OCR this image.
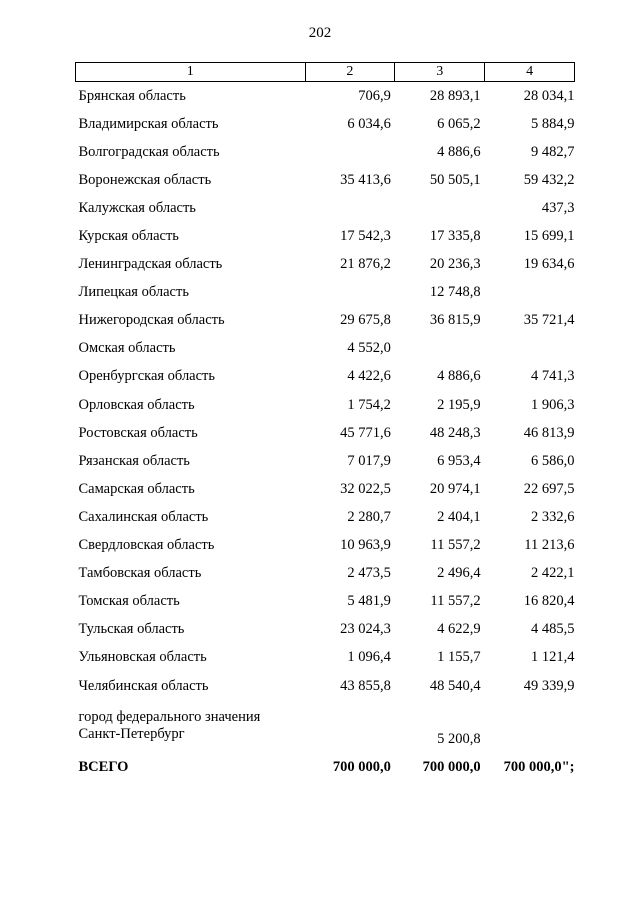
202
1	2	3	4
Брянская область	706,9	28 893,1	28 034,1
Владимирская область	6 034,6	6 065,2	5 884,9
Волгоградская область		4 886,6	9 482,7
Воронежская область	35 413,6	50 505,1	59 432,2
Калужская область			437,3
Курская область	17 542,3	17 335,8	15 699,1
Ленинградская область	21 876,2	20 236,3	19 634,6
Липецкая область		12 748,8	
Нижегородская область	29 675,8	36 815,9	35 721,4
Омская область	4 552,0		
Оренбургская область	4 422,6	4 886,6	4 741,3
Орловская область	1 754,2	2 195,9	1 906,3
Ростовская область	45 771,6	48 248,3	46 813,9
Рязанская область	7 017,9	6 953,4	6 586,0
Самарская область	32 022,5	20 974,1	22 697,5
Сахалинская область	2 280,7	2 404,1	2 332,6
Свердловская область	10 963,9	11 557,2	11 213,6
Тамбовская область	2 473,5	2 496,4	2 422,1
Томская область	5 481,9	11 557,2	16 820,4
Тульская область	23 024,3	4 622,9	4 485,5
Ульяновская область	1 096,4	1 155,7	1 121,4
Челябинская область	43 855,8	48 540,4	49 339,9
город федерального значения
Санкт-Петербург		5 200,8	
ВСЕГО	700 000,0	700 000,0	700 000,0";
